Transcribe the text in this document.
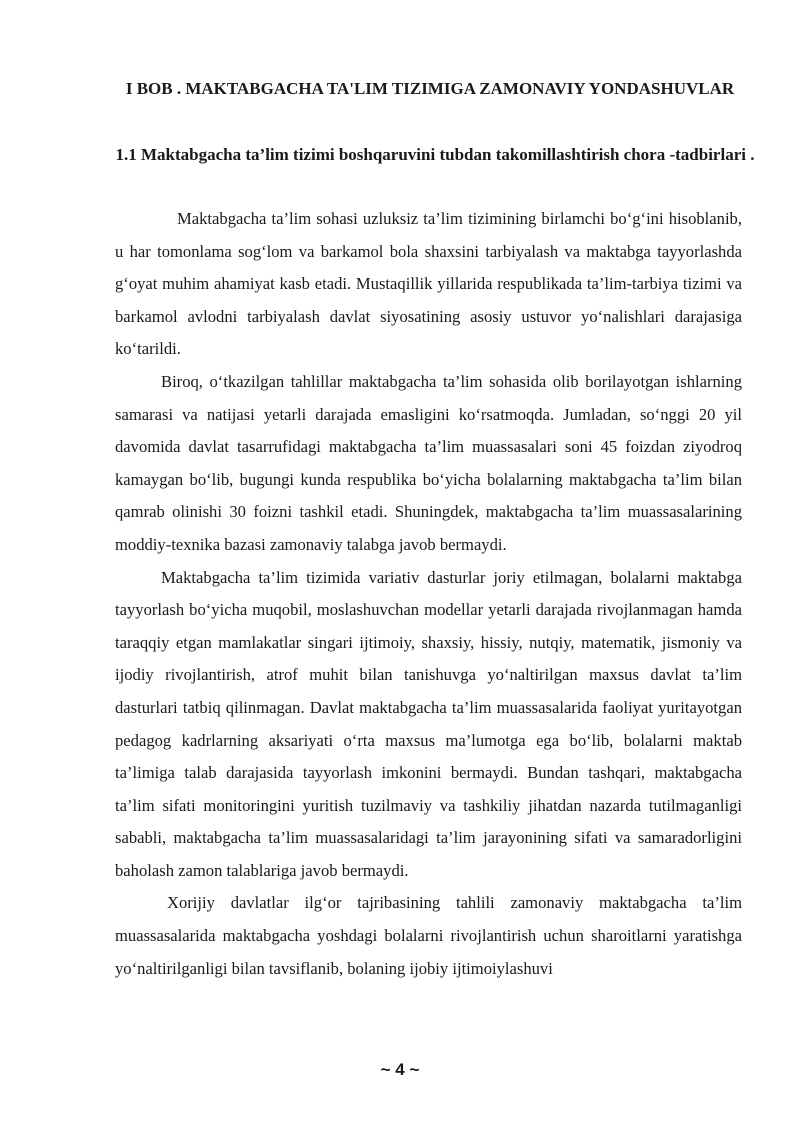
I BOB . MAKTABGACHA TA'LIM TIZIMIGA ZAMONAVIY YONDASHUVLAR
1.1 Maktabgacha ta’lim tizimi boshqaruvini tubdan takomillashtirish chora -tadbirlari .

Maktabgacha ta’lim sohasi uzluksiz ta’lim tizimining birlamchi bo‘g‘ini hisoblanib, u har tomonlama sog‘lom va barkamol bola shaxsini tarbiyalash va maktabga tayyorlashda g‘oyat muhim ahamiyat kasb etadi. Mustaqillik yillarida respublikada ta’lim-tarbiya tizimi va barkamol avlodni tarbiyalash davlat siyosatining asosiy ustuvor yo‘nalishlari darajasiga ko‘tarildi.

Biroq, o‘tkazilgan tahlillar maktabgacha ta’lim sohasida olib borilayotgan ishlarning samarasi va natijasi yetarli darajada emasligini ko‘rsatmoqda. Jumladan, so‘nggi 20 yil davomida davlat tasarrufidagi maktabgacha ta’lim muassasalari soni 45 foizdan ziyodroq kamaygan bo‘lib, bugungi kunda respublika bo‘yicha bolalarning maktabgacha ta’lim bilan qamrab olinishi 30 foizni tashkil etadi. Shuningdek, maktabgacha ta’lim muassasalarining moddiy-texnika bazasi zamonaviy talabga javob bermaydi.

Maktabgacha ta’lim tizimida variativ dasturlar joriy etilmagan, bolalarni maktabga tayyorlash bo‘yicha muqobil, moslashuvchan modellar yetarli darajada rivojlanmagan hamda taraqqiy etgan mamlakatlar singari ijtimoiy, shaxsiy, hissiy, nutqiy, matematik, jismoniy va ijodiy rivojlantirish, atrof muhit bilan tanishuvga yo‘naltirilgan maxsus davlat ta’lim dasturlari tatbiq qilinmagan. Davlat maktabgacha ta’lim muassasalarida faoliyat yuritayotgan pedagog kadrlarning aksariyati o‘rta maxsus ma’lumotga ega bo‘lib, bolalarni maktab ta’limiga talab darajasida tayyorlash imkonini bermaydi. Bundan tashqari, maktabgacha ta’lim sifati monitoringini yuritish tuzilmaviy va tashkiliy jihatdan nazarda tutilmaganligi sababli, maktabgacha ta’lim muassasalaridagi ta’lim jarayonining sifati va samaradorligini baholash zamon talablariga javob bermaydi.

Xorijiy davlatlar ilg‘or tajribasining tahlili zamonaviy maktabgacha ta’lim muassasalarida maktabgacha yoshdagi bolalarni rivojlantirish uchun sharoitlarni yaratishga yo‘naltirilganligi bilan tavsiflanib, bolaning ijobiy ijtimoiylashuvi

~ 4 ~
